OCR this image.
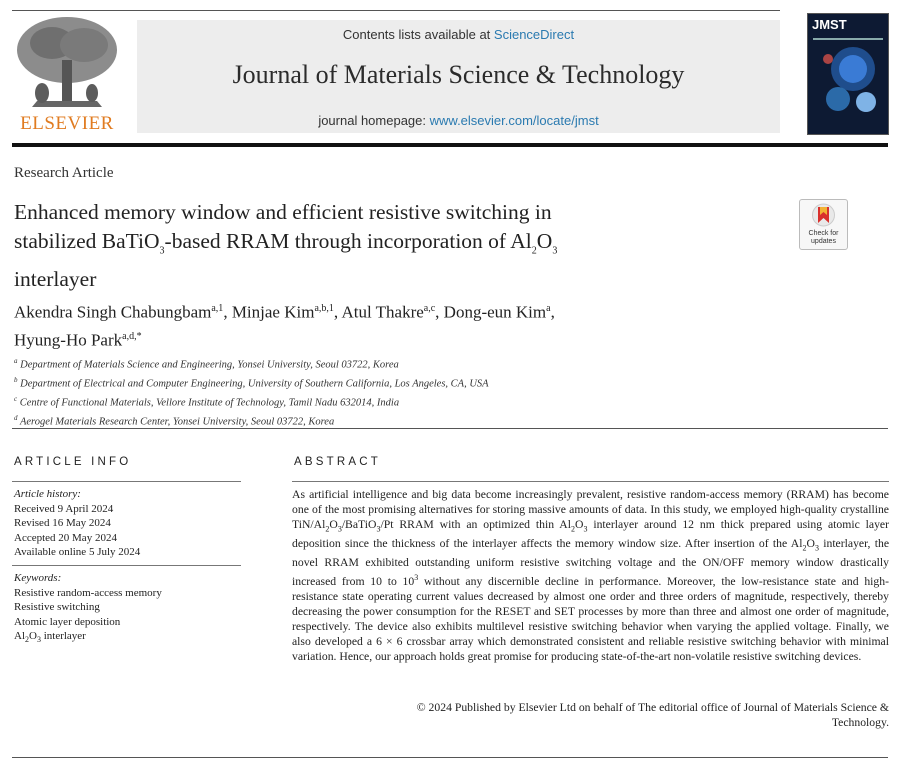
ELSEVIER
Contents lists available at ScienceDirect
Journal of Materials Science & Technology
journal homepage: www.elsevier.com/locate/jmst
JMST
Research Article
Enhanced memory window and efficient resistive switching in
stabilized BaTiO$_3$-based RRAM through incorporation of $Al_2O_3$
interlayer
Check for updates
Akendra Singh Chabungbam$^{a,1}$, Minjae Kim$^{a,b,1}$, Atul Thakre$^{a,c}$, Dong-eun Kim$^a$,
Hyung-Ho Park$^{a,d,*}$
$^a$ Department of Materials Science and Engineering, Yonsei University, Seoul 03722, Korea
$^b$ Department of Electrical and Computer Engineering, University of Southern California, Los Angeles, CA, USA
$^c$ Centre of Functional Materials, Vellore Institute of Technology, Tamil Nadu 632014, India
$^d$ Aerogel Materials Research Center, Yonsei University, Seoul 03722, Korea
ARTICLE INFO
Article history:
Received 9 April 2024
Revised 16 May 2024
Accepted 20 May 2024
Available online 5 July 2024
Keywords:
Resistive random-access memory
Resistive switching
Atomic layer deposition
$Al_2O_3$ interlayer
ABSTRACT
As artificial intelligence and big data become increasingly prevalent, resistive random-access memory (RRAM) has become one of the most promising alternatives for storing massive amounts of data. In this study, we employed high-quality crystalline TiN/$Al_2O_3/BaTiO_3/Pt$ RRAM with an optimized thin $Al_2O_3$ interlayer around 12 nm thick prepared using atomic layer deposition since the thickness of the interlayer affects the memory window size. After insertion of the $Al_2O_3$ interlayer, the novel RRAM exhibited outstanding uniform resistive switching voltage and the ON/OFF memory window drastically increased from 10 to $10^3$ without any discernible decline in performance. Moreover, the low-resistance state and high-resistance state operating current values decreased by almost one order and three orders of magnitude, respectively, thereby decreasing the power consumption for the RESET and SET processes by more than three and almost one order of magnitude, respectively. The device also exhibits multilevel resistive switching behavior when varying the applied voltage. Finally, we also developed a 6 × 6 crossbar array which demonstrated consistent and reliable resistive switching behavior with minimal variation. Hence, our approach holds great promise for producing state-of-the-art non-volatile resistive switching devices.
© 2024 Published by Elsevier Ltd on behalf of The editorial office of Journal of Materials Science &
Technology.
